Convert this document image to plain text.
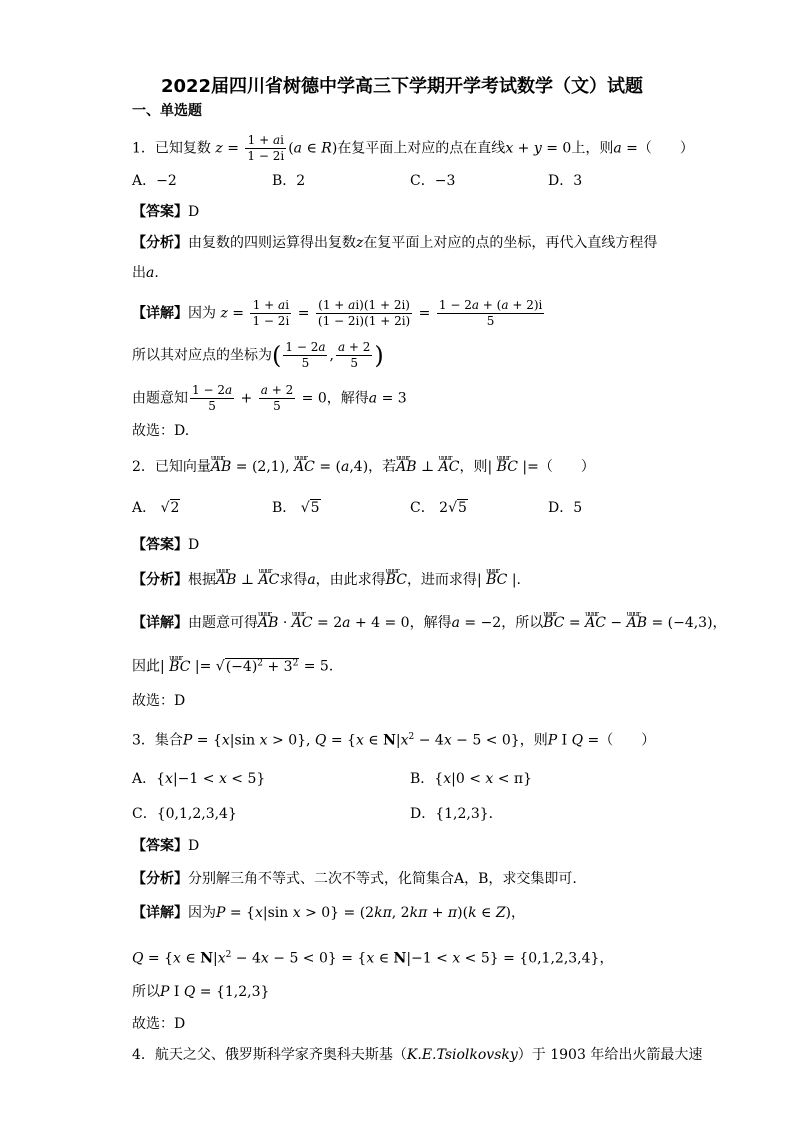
2022届四川省树德中学高三下学期开学考试数学（文）试题
一、单选题
1．已知复数 $z = \frac{1 + ai}{1 - 2i} (a$ ∈ R)在复平面上对应的点在直线x + y = 0上，则a =（　　）
A．−2	B．2	C．−3	D．3
【答案】D
【分析】由复数的四则运算得出复数z在复平面上对应的点的坐标，再代入直线方程得
出a.
【详解】因为 $z = \frac{1 + ai}{1 - 2i} = \frac{(1 + ai)(1 + 2i)}{(1 - 2i)(1 + 2i)} = \frac{1 - 2a + (a + 2)i}{5}$
所以其对应点的坐标为( $\frac{1 - 2a}{5}$ , $\frac{a + 2}{5}$ )
由题意知 $\frac{1 - 2a}{5} + \frac{a + 2}{5} = 0$，解得a = 3
故选：D.
2．已知向量uuur AB = (2,1), uuur AC = (a,4)，若uuur AB ⊥ uuur AC，则| uuur BC |=（　　）
A． √2	B． √5	C． 2√5	D．5
【答案】D
【分析】根据uuur AB ⊥ uuur AC求得a，由此求得uuur BC，进而求得| uuur BC |.
【详解】由题意可得uuur AB · uuur AC = 2a + 4 = 0，解得a = −2，所以uuur BC = uuur AC − uuur AB = (−4,3)，
因此| uuur BC |= $√(-4)^2 + 3^2 = 5$．
故选：D
3．集合P = {x|sin x > 0}, Q = {x ∈ $N|x^2 - 4x - 5 < 0$}，则P I Q =（　　）
A．{x|−1 < x < 5}	B．{x|0 < x < π}
C．{0,1,2,3,4}	D．{1,2,3}．
【答案】D
【分析】分别解三角不等式、二次不等式，化简集合A，B，求交集即可.
【详解】因为P = {x|sin x > 0} = (2kπ, 2kπ + π)(k ∈ Z)，
Q = {x ∈ $N|x^2 - 4x - 5 < 0\} = \{x$ ∈ N|−1 < x < 5} = {0,1,2,3,4}，
所以P I Q = {1,2,3}
故选：D
4．航天之父、俄罗斯科学家齐奥科夫斯基（K.E.Tsiolkovsky）于 1903 年给出火箭最大速
